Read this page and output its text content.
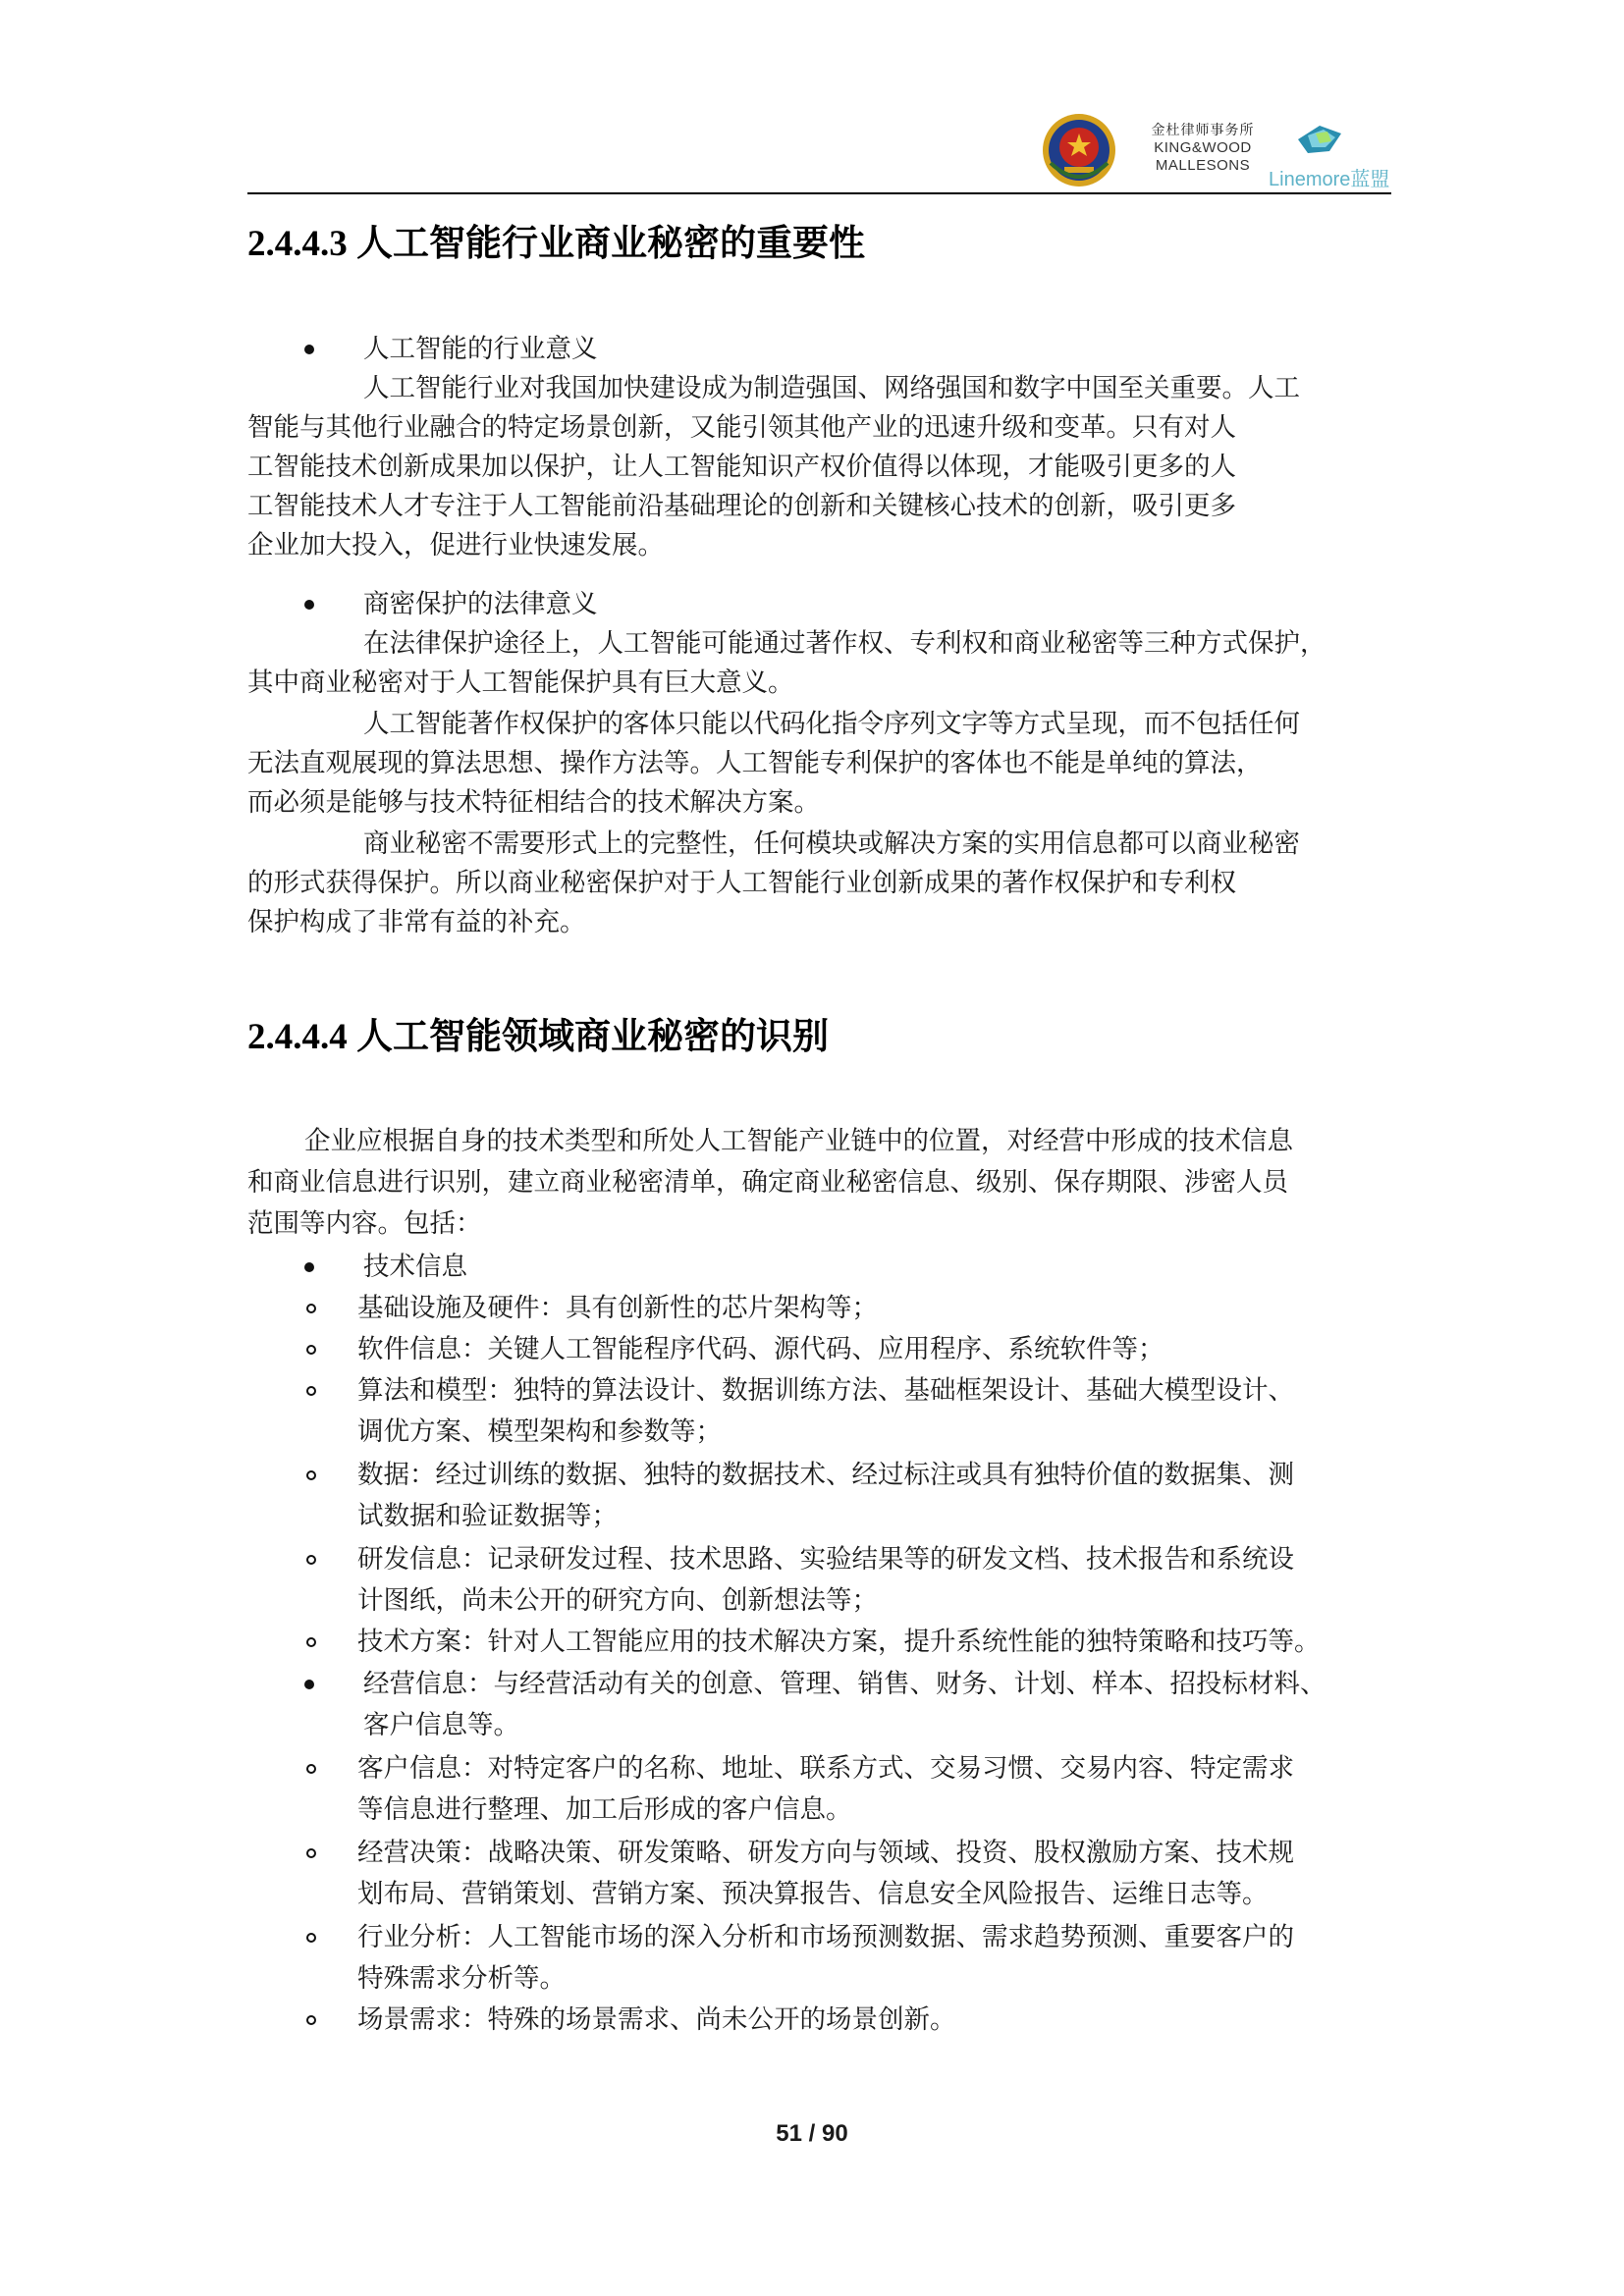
金杜律师事务所
KING&WOOD
MALLESONS
Linemore蓝盟
2.4.4.3 人工智能行业商业秘密的重要性
人工智能的行业意义
人工智能行业对我国加快建设成为制造强国、网络强国和数字中国至关重要。人工
智能与其他行业融合的特定场景创新，又能引领其他产业的迅速升级和变革。只有对人
工智能技术创新成果加以保护，让人工智能知识产权价值得以体现，才能吸引更多的人
工智能技术人才专注于人工智能前沿基础理论的创新和关键核心技术的创新，吸引更多
企业加大投入，促进行业快速发展。
商密保护的法律意义
在法律保护途径上，人工智能可能通过著作权、专利权和商业秘密等三种方式保护，
其中商业秘密对于人工智能保护具有巨大意义。
人工智能著作权保护的客体只能以代码化指令序列文字等方式呈现，而不包括任何
无法直观展现的算法思想、操作方法等。人工智能专利保护的客体也不能是单纯的算法，
而必须是能够与技术特征相结合的技术解决方案。
商业秘密不需要形式上的完整性，任何模块或解决方案的实用信息都可以商业秘密
的形式获得保护。所以商业秘密保护对于人工智能行业创新成果的著作权保护和专利权
保护构成了非常有益的补充。
2.4.4.4 人工智能领域商业秘密的识别
企业应根据自身的技术类型和所处人工智能产业链中的位置，对经营中形成的技术信息
和商业信息进行识别，建立商业秘密清单，确定商业秘密信息、级别、保存期限、涉密人员
范围等内容。包括：
技术信息
基础设施及硬件：具有创新性的芯片架构等；
软件信息：关键人工智能程序代码、源代码、应用程序、系统软件等；
算法和模型：独特的算法设计、数据训练方法、基础框架设计、基础大模型设计、
调优方案、模型架构和参数等；
数据：经过训练的数据、独特的数据技术、经过标注或具有独特价值的数据集、测
试数据和验证数据等；
研发信息：记录研发过程、技术思路、实验结果等的研发文档、技术报告和系统设
计图纸，尚未公开的研究方向、创新想法等；
技术方案：针对人工智能应用的技术解决方案，提升系统性能的独特策略和技巧等。
经营信息：与经营活动有关的创意、管理、销售、财务、计划、样本、招投标材料、
客户信息等。
客户信息：对特定客户的名称、地址、联系方式、交易习惯、交易内容、特定需求
等信息进行整理、加工后形成的客户信息。
经营决策：战略决策、研发策略、研发方向与领域、投资、股权激励方案、技术规
划布局、营销策划、营销方案、预决算报告、信息安全风险报告、运维日志等。
行业分析：人工智能市场的深入分析和市场预测数据、需求趋势预测、重要客户的
特殊需求分析等。
场景需求：特殊的场景需求、尚未公开的场景创新。
51 / 90
